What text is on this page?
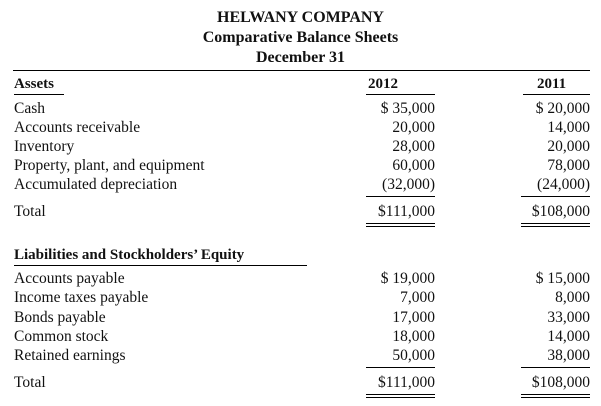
HELWANY COMPANY
Comparative Balance Sheets
December 31
Assets	2012	2011
Cash	$ 35,000	$ 20,000
Accounts receivable	20,000	14,000
Inventory	28,000	20,000
Property, plant, and equipment	60,000	78,000
Accumulated depreciation	(32,000)	(24,000)
Total	$111,000	$108,000
Liabilities and Stockholders’ Equity
Accounts payable	$ 19,000	$ 15,000
Income taxes payable	7,000	8,000
Bonds payable	17,000	33,000
Common stock	18,000	14,000
Retained earnings	50,000	38,000
Total	$111,000	$108,000
